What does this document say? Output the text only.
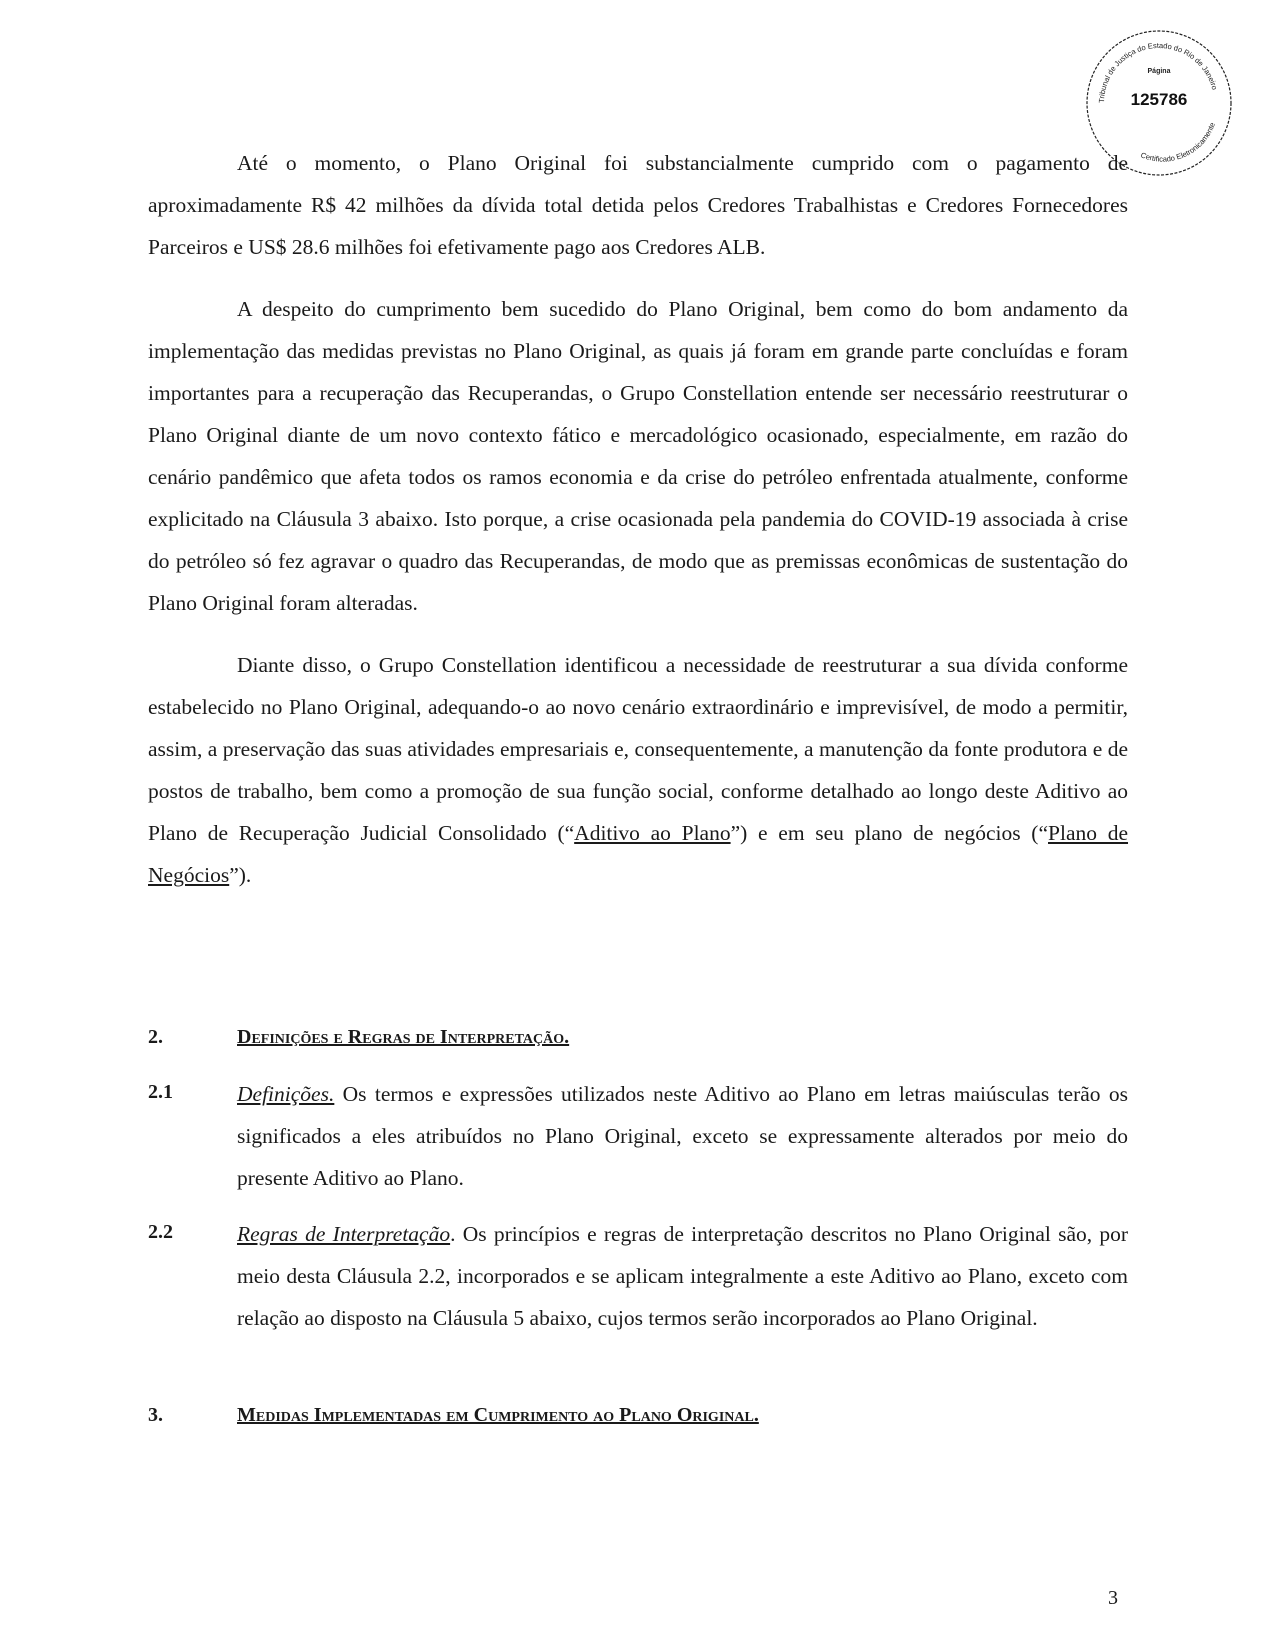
Tribunal de Justiça do Estado do Rio de Janeiro
Certificado Eletronicamente
Página
125786

Até o momento, o Plano Original foi substancialmente cumprido com o pagamento de aproximadamente R$ 42 milhões da dívida total detida pelos Credores Trabalhistas e Credores Fornecedores Parceiros e US$ 28.6 milhões foi efetivamente pago aos Credores ALB.

A despeito do cumprimento bem sucedido do Plano Original, bem como do bom andamento da implementação das medidas previstas no Plano Original, as quais já foram em grande parte concluídas e foram importantes para a recuperação das Recuperandas, o Grupo Constellation entende ser necessário reestruturar o Plano Original diante de um novo contexto fático e mercadológico ocasionado, especialmente, em razão do cenário pandêmico que afeta todos os ramos economia e da crise do petróleo enfrentada atualmente, conforme explicitado na Cláusula 3 abaixo. Isto porque, a crise ocasionada pela pandemia do COVID-19 associada à crise do petróleo só fez agravar o quadro das Recuperandas, de modo que as premissas econômicas de sustentação do Plano Original foram alteradas.

Diante disso, o Grupo Constellation identificou a necessidade de reestruturar a sua dívida conforme estabelecido no Plano Original, adequando-o ao novo cenário extraordinário e imprevisível, de modo a permitir, assim, a preservação das suas atividades empresariais e, consequentemente, a manutenção da fonte produtora e de postos de trabalho, bem como a promoção de sua função social, conforme detalhado ao longo deste Aditivo ao Plano de Recuperação Judicial Consolidado (“Aditivo ao Plano”) e em seu plano de negócios (“Plano de Negócios”).

2.	Definições e Regras de Interpretação.
2.1	Definições. Os termos e expressões utilizados neste Aditivo ao Plano em letras maiúsculas terão os significados a eles atribuídos no Plano Original, exceto se expressamente alterados por meio do presente Aditivo ao Plano.
2.2	Regras de Interpretação. Os princípios e regras de interpretação descritos no Plano Original são, por meio desta Cláusula 2.2, incorporados e se aplicam integralmente a este Aditivo ao Plano, exceto com relação ao disposto na Cláusula 5 abaixo, cujos termos serão incorporados ao Plano Original.
3.	Medidas Implementadas em Cumprimento ao Plano Original.
3
